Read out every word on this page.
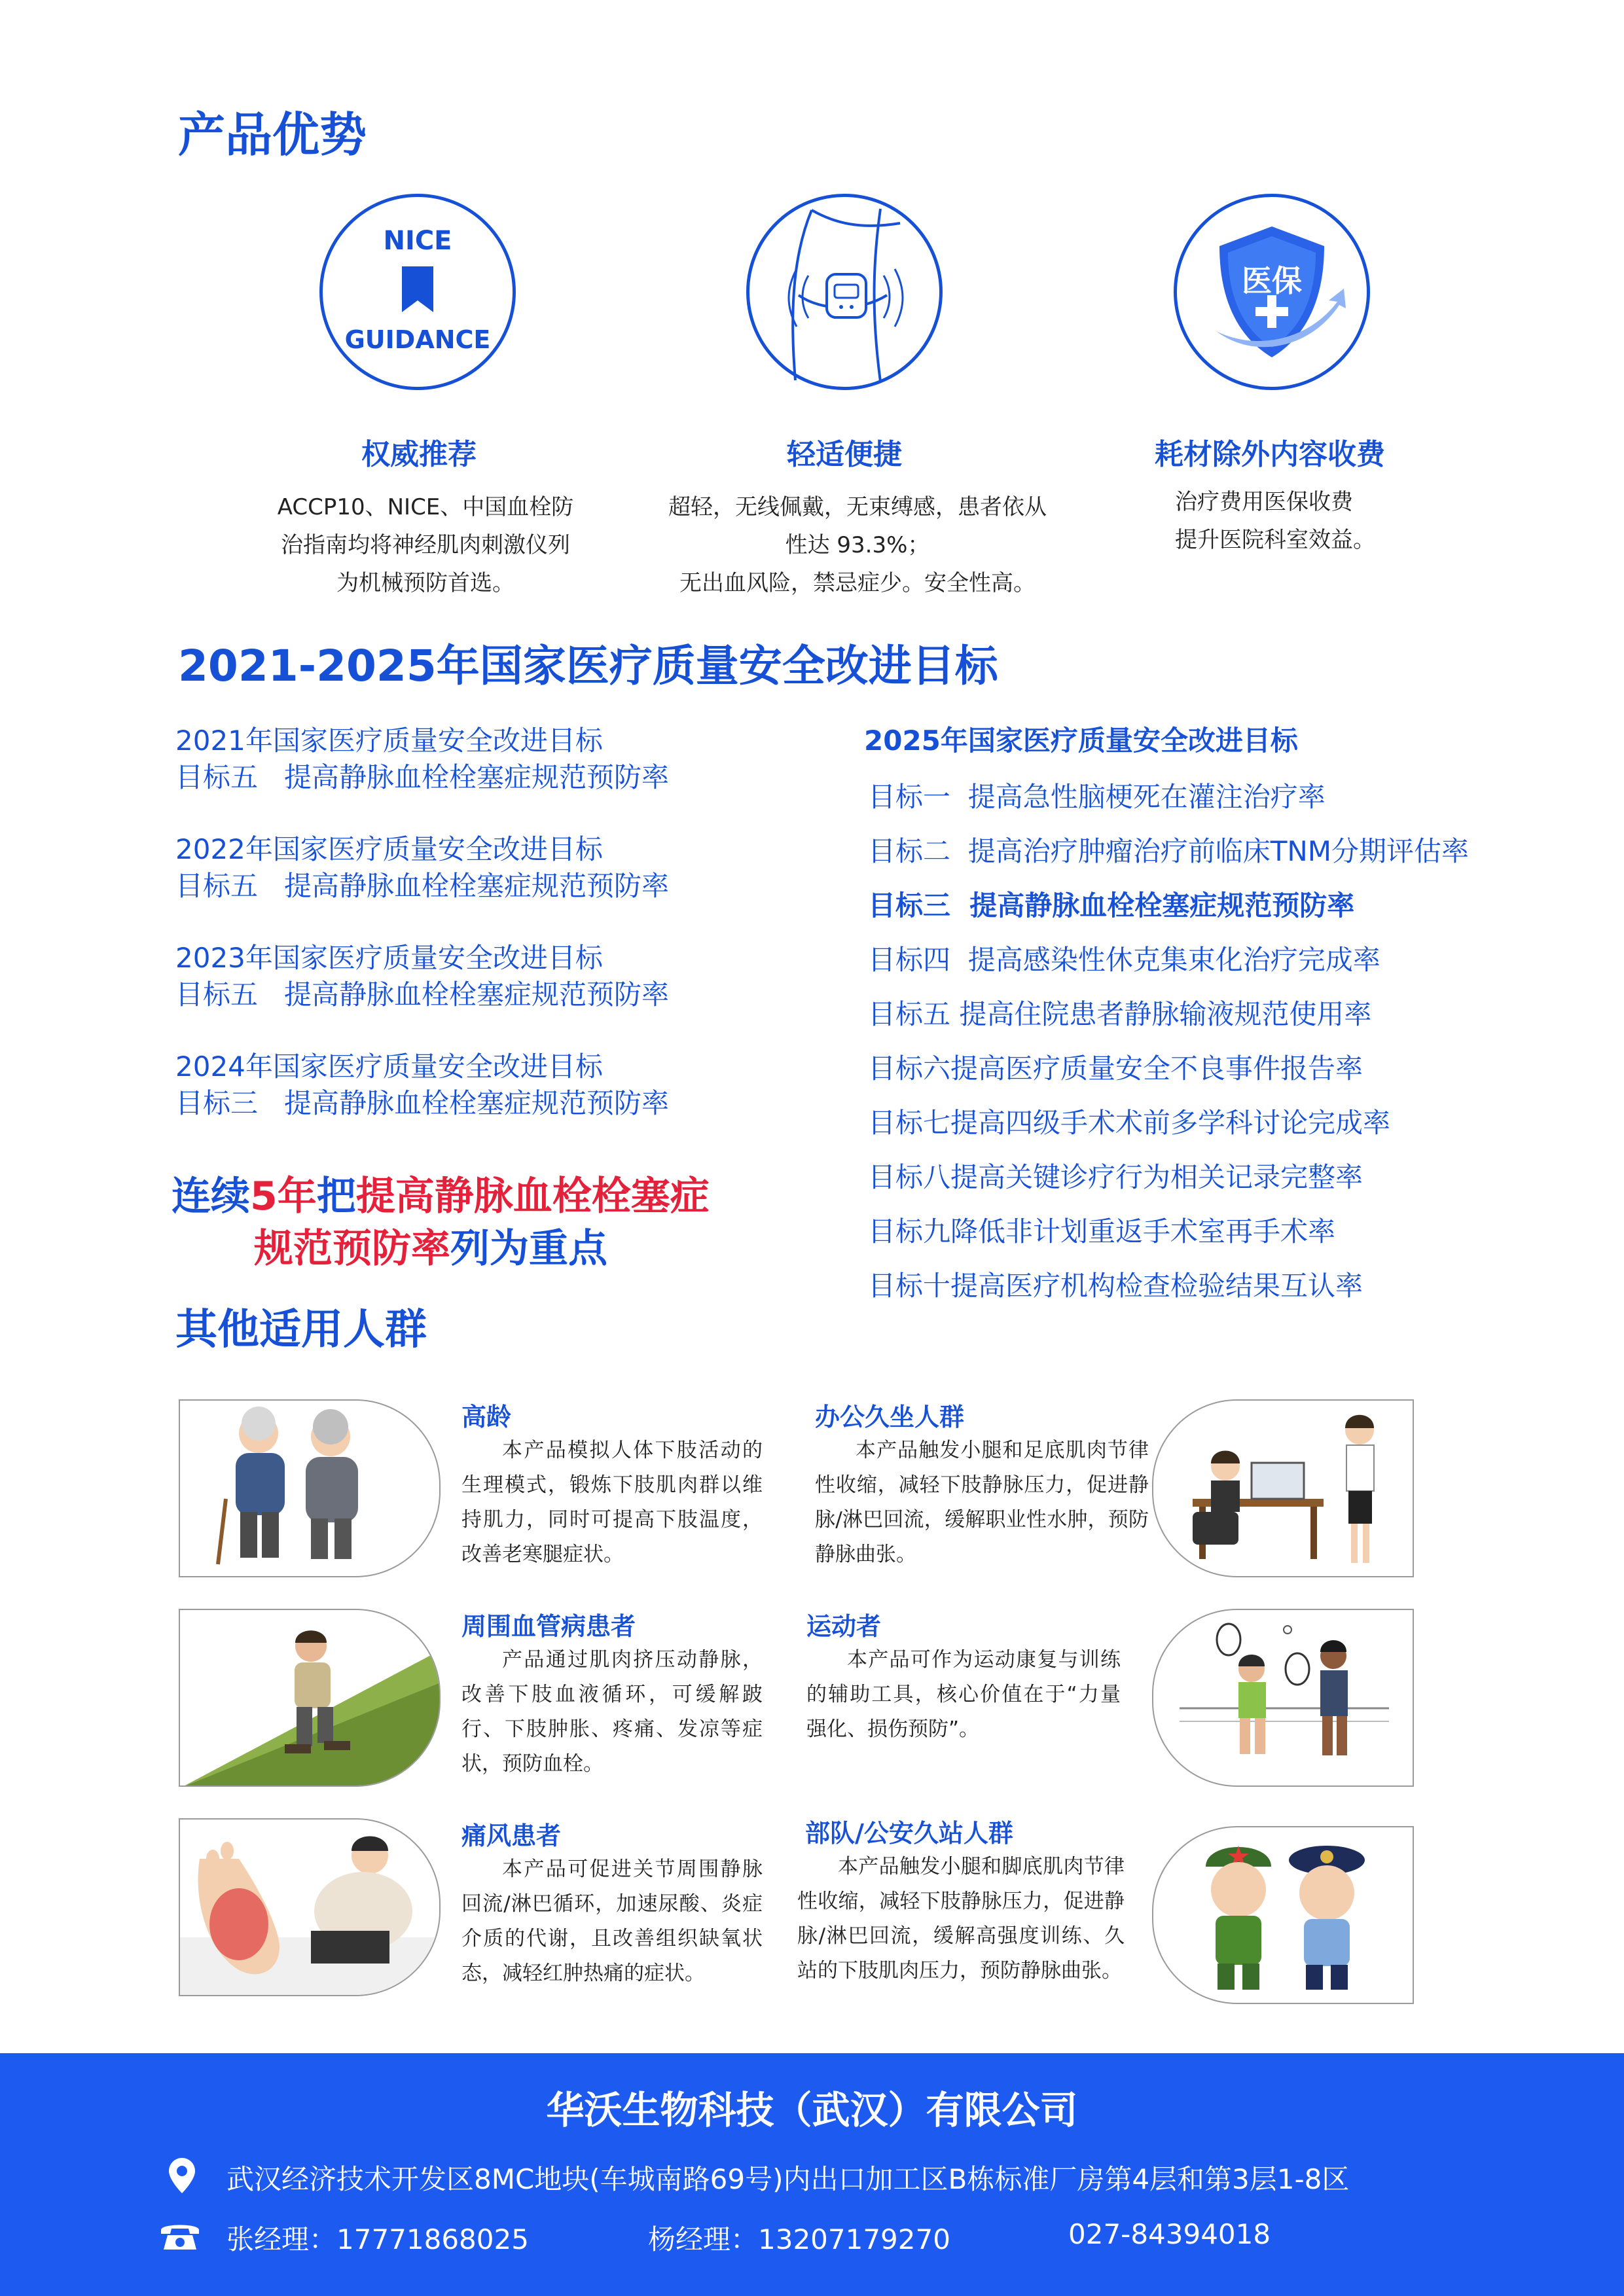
产品优势
NICE
GUIDANCE
医保
权威推荐	轻适便捷	耗材除外内容收费
ACCP10、NICE、中国血栓防
治指南均将神经肌肉刺激仪列
为机械预防首选。
超轻，无线佩戴，无束缚感，患者依从
性达 93.3%；
无出血风险，禁忌症少。安全性高。
治疗费用医保收费
提升医院科室效益。
2021-2025年国家医疗质量安全改进目标
2021年国家医疗质量安全改进目标
目标五   提高静脉血栓栓塞症规范预防率
2022年国家医疗质量安全改进目标
目标五   提高静脉血栓栓塞症规范预防率
2023年国家医疗质量安全改进目标
目标五   提高静脉血栓栓塞症规范预防率
2024年国家医疗质量安全改进目标
目标三   提高静脉血栓栓塞症规范预防率
2025年国家医疗质量安全改进目标
目标一  提高急性脑梗死在灌注治疗率
目标二  提高治疗肿瘤治疗前临床TNM分期评估率
目标三  提高静脉血栓栓塞症规范预防率
目标四  提高感染性休克集束化治疗完成率
目标五 提高住院患者静脉输液规范使用率
目标六提高医疗质量安全不良事件报告率
目标七提高四级手术术前多学科讨论完成率
目标八提高关键诊疗行为相关记录完整率
目标九降低非计划重返手术室再手术率
目标十提高医疗机构检查检验结果互认率
连续5年把提高静脉血栓栓塞症
规范预防率列为重点
其他适用人群
高龄
本产品模拟人体下肢活动的生理模式，锻炼下肢肌肉群以维持肌力，同时可提高下肢温度，改善老寒腿症状。
办公久坐人群
本产品触发小腿和足底肌肉节律性收缩，减轻下肢静脉压力，促进静脉/淋巴回流，缓解职业性水肿，预防静脉曲张。
周围血管病患者
产品通过肌肉挤压动静脉，改善下肢血液循环，可缓解跛行、下肢肿胀、疼痛、发凉等症状，预防血栓。
运动者
本产品可作为运动康复与训练的辅助工具，核心价值在于“力量强化、损伤预防”。
痛风患者
本产品可促进关节周围静脉回流/淋巴循环，加速尿酸、炎症介质的代谢，且改善组织缺氧状态，减轻红肿热痛的症状。
部队/公安久站人群
本产品触发小腿和脚底肌肉节律性收缩，减轻下肢静脉压力，促进静脉/淋巴回流，缓解高强度训练、久站的下肢肌肉压力，预防静脉曲张。
华沃生物科技（武汉）有限公司
武汉经济技术开发区8MC地块(车城南路69号)内出口加工区B栋标准厂房第4层和第3层1-8区
张经理：17771868025	杨经理：13207179270	027-84394018
